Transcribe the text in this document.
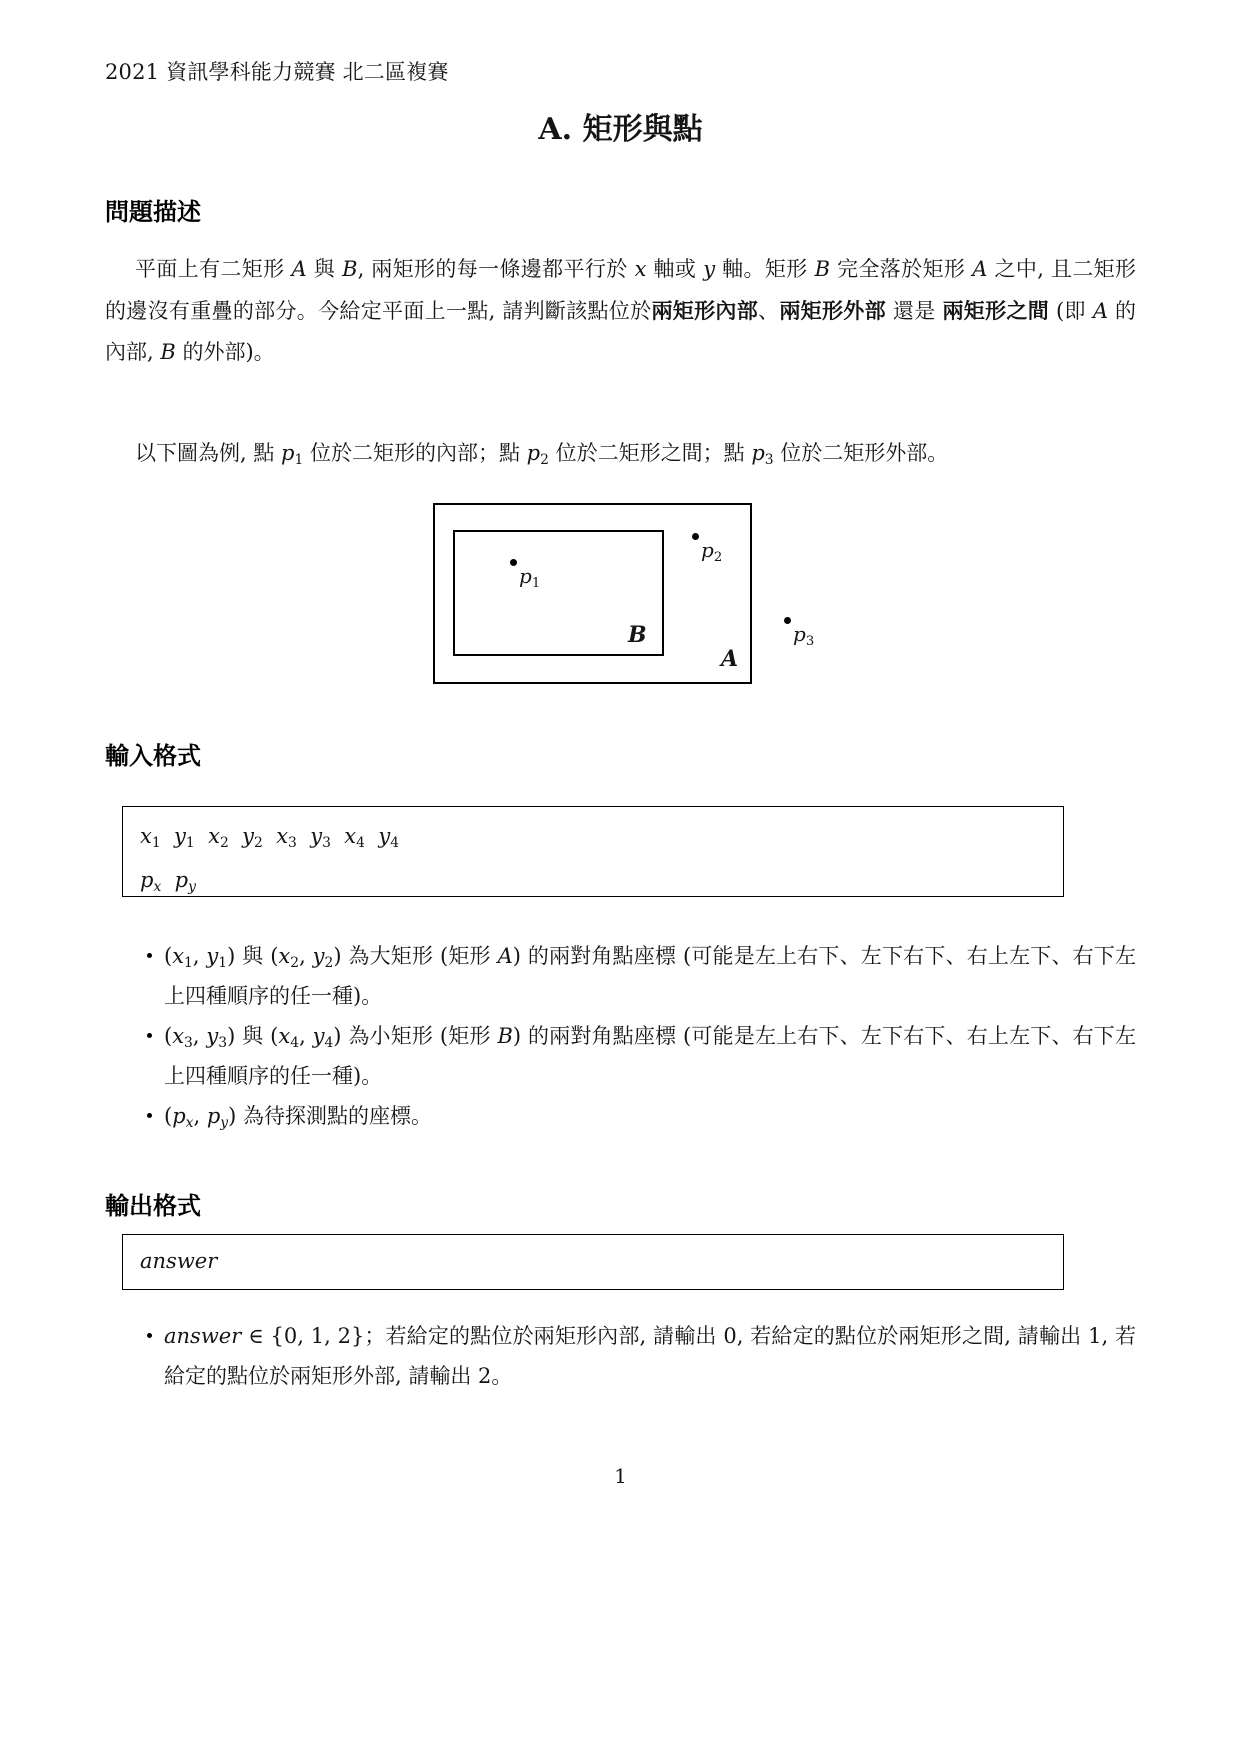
2021 資訊學科能力競賽 北二區複賽
A. 矩形與點
問題描述

平面上有二矩形 A 與 B, 兩矩形的每一條邊都平行於 x 軸或 y 軸。矩形 B 完全落於矩形 A 之中, 且二矩形的邊沒有重疊的部分。今給定平面上一點, 請判斷該點位於兩矩形內部、兩矩形外部 還是 兩矩形之間 (即 A 的內部, B 的外部)。

以下圖為例, 點 $p_1$ 位於二矩形的內部；點 $p_2$ 位於二矩形之間；點 $p_3$ 位於二矩形外部。

$p_1$
$p_2$
$p_3$
B
A
輸入格式
$x_1$ $y_1$ $x_2$ $y_2$ $x_3$ $y_3$ $x_4$ $y_4$
$p_x$ $p_y$
($x_1$, $y_1$) 與 ($x_2$, $y_2$) 為大矩形 (矩形 A) 的兩對角點座標 (可能是左上右下、左下右下、右上左下、右下左上四種順序的任一種)。
($x_3$, $y_3$) 與 ($x_4$, $y_4$) 為小矩形 (矩形 B) 的兩對角點座標 (可能是左上右下、左下右下、右上左下、右下左上四種順序的任一種)。
($p_x$, $p_y$) 為待探測點的座標。
輸出格式
answer
answer ∈ {0, 1, 2}；若給定的點位於兩矩形內部, 請輸出 0, 若給定的點位於兩矩形之間, 請輸出 1, 若給定的點位於兩矩形外部, 請輸出 2。
1
